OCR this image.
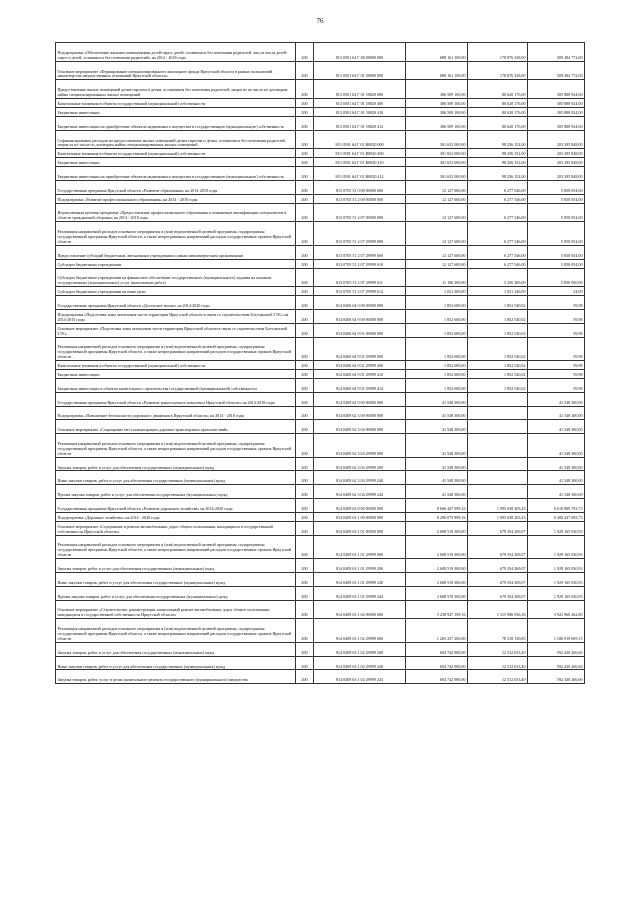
76
Подпрограмма «Обеспечение жилыми помещениями детей-сирот, детей, оставшихся без попечения родителей, лиц из числа детей-сирот и детей, оставшихся без попечения родителей» на 2014 - 2018 годы	200	813 0501 64 Г 00 00000 000	688 161 100,00	178 876 328,00	509 284 772,00
Основное мероприятие «Формирование специализированного жилищного фонда Иркутской области в рамках полномочий министерства имущественных отношений Иркутской области»	200	813 0501 64 Г 01 00000 000	688 161 100,00	178 876 328,00	509 284 772,00
Предоставление жилых помещений детям-сиротам и детям, оставшимся без попечения родителей, лицам из их числа по договорам найма специализированных жилых помещений	200	813 0501 64 Г 01 50820 000	386 509 100,00	80 620 176,00	305 888 924,00
Капитальные вложения в объекты государственной (муниципальной) собственности	200	813 0501 64 Г 01 50820 400	386 509 100,00	80 620 176,00	305 888 924,00
Бюджетные инвестиции	200	813 0501 64 Г 01 50820 410	386 509 100,00	80 620 176,00	305 888 924,00
Бюджетные инвестиции на приобретение объектов недвижимого имущества в государственную (муниципальную) собственность	200	813 0501 64 Г 01 50820 412	386 509 100,00	80 620 176,00	305 888 924,00
Софинансирование расходов на предоставление жилых помещений детям-сиротам и детям, оставшимся без попечения родителей, лицам из их числа по договорам найма специализированных жилых помещений	200	813 0501 64 Г 01 R0820 000	301 652 000,00	98 256 152,00	203 395 848,00
Капитальные вложения в объекты государственной (муниципальной) собственности	200	813 0501 64 Г 01 R0820 400	301 652 000,00	98 256 152,00	203 395 848,00
Бюджетные инвестиции	200	813 0501 64 Г 01 R0820 410	301 652 000,00	98 256 152,00	203 395 848,00
Бюджетные инвестиции на приобретение объектов недвижимого имущества в государственную (муниципальную) собственность	200	813 0501 64 Г 01 R0820 412	301 652 000,00	98 256 152,00	203 395 848,00
Государственная программа Иркутской области «Развитие образования» на 2014-2018 годы	200	813 0705 51 0 00 00000 000	12 127 600,00	6 277 546,00	5 850 054,00
Подпрограмма «Развитие профессионального образования» на 2014 - 2018 годы	200	813 0705 51 2 00 00000 000	12 127 600,00	6 277 546,00	5 850 054,00
Ведомственная целевая программа «Предоставление профессионального образования и повышение квалификации специалистов в области гражданской обороны» на 2014 - 2018 годы	200	813 0705 51 2 07 00000 000	12 127 600,00	6 277 546,00	5 850 054,00
Реализация направлений расходов основного мероприятия и (или) ведомственной целевой программы, подпрограммы государственной программы Иркутской области, а также непрограммных направлений расходов государственных органов Иркутской области	200	813 0705 51 2 07 29999 000	12 127 600,00	6 277 546,00	5 850 054,00
Предоставление субсидий бюджетным, автономным учреждениям и иным некоммерческим организациям	200	813 0705 51 2 07 29999 600	12 127 600,00	6 277 546,00	5 850 054,00
Субсидии бюджетным учреждениям	200	813 0705 51 2 07 29999 610	12 127 600,00	6 277 546,00	5 850 054,00
Субсидии бюджетным учреждениям на финансовое обеспечение государственного (муниципального) задания на оказание государственных (муниципальных) услуг (выполнение работ)	200	813 0705 51 2 07 29999 611	11 106 300,00	5 256 300,00	5 850 000,00
Субсидии бюджетным учреждениям на иные цели	200	813 0705 51 2 07 29999 612	1 021 300,00	1 021 246,00	54,00
Государственная программа Иркутской области «Доступное жилье» на 2014-2020 годы	200	814 0406 64 0 00 00000 000	1 852 600,00	1 852 540,02	59,98
Подпрограмма «Подготовка зоны затопления части территории Иркутской области в связи со строительством Богучанской ГЭС» на 2014-2015 годы	200	814 0406 64 9 00 00000 000	1 852 600,00	1 852 540,02	59,98
Основное мероприятие «Подготовка зоны затопления части территории Иркутской области в связи со строительством Богучанской ГЭС»	200	814 0406 64 9 01 00000 000	1 852 600,00	1 852 540,02	59,98
Реализация направлений расходов основного мероприятия и (или) ведомственной целевой программы, подпрограммы государственной программы Иркутской области, а также непрограммных направлений расходов государственных органов Иркутской области	200	814 0406 64 9 01 29999 000	1 852 600,00	1 852 540,02	59,98
Капитальные вложения в объекты государственной (муниципальной) собственности	200	814 0406 64 9 01 29999 400	1 852 600,00	1 852 540,02	59,98
Бюджетные инвестиции	200	814 0406 64 9 01 29999 410	1 852 600,00	1 852 540,02	59,98
Бюджетные инвестиции в объекты капитального строительства государственной (муниципальной) собственности	200	814 0406 64 9 01 29999 414	1 852 600,00	1 852 540,02	59,98
Государственная программа Иркутской области «Развитие транспортного комплекса Иркутской области» на 2014-2018 годы	200	814 0409 62 0 00 00000 000	41 548 300,00		41 548 300,00
Подпрограмма «Повышение безопасности дорожного движения в Иркутской области» на 2014 - 2018 годы	200	814 0409 62 3 00 00000 000	41 548 300,00		41 548 300,00
Основное мероприятие «Сокращение мест концентрации дорожно-транспортных происшествий»	200	814 0409 62 3 04 00000 000	41 548 300,00		41 548 300,00
Реализация направлений расходов основного мероприятия и (или) ведомственной целевой программы, подпрограммы государственной программы Иркутской области, а также непрограммных направлений расходов государственных органов Иркутской области	200	814 0409 62 3 04 29999 000	41 548 300,00		41 548 300,00
Закупка товаров, работ и услуг для обеспечения государственных (муниципальных) нужд	200	814 0409 62 3 04 29999 200	41 548 300,00		41 548 300,00
Иные закупки товаров, работ и услуг для обеспечения государственных (муниципальных) нужд	200	814 0409 62 3 04 29999 240	41 548 300,00		41 548 300,00
Прочая закупка товаров, работ и услуг для обеспечения государственных (муниципальных) нужд	200	814 0409 62 3 04 29999 244	41 548 300,00		41 548 300,00
Государственная программа Иркутской области «Развитие дорожного хозяйства» на 2014-2020 годы	200	814 0409 63 0 00 00000 000	8 606 447 999,16	1 995 638 205,43	6 610 809 793,73
Подпрограмма «Дорожное хозяйство» на 2014 - 2020 годы	200	814 0409 63 1 00 00000 000	8 296 075 899,16	1 995 638 205,43	6 300 437 693,73
Основное мероприятие «Содержание и ремонт автомобильных дорог общего пользования, находящихся в государственной собственности Иркутской области»	200	814 0409 63 1 01 00000 000	2 608 519 300,00	679 354 269,07	1 929 165 030,93
Реализация направлений расходов основного мероприятия и (или) ведомственной целевой программы, подпрограммы государственной программы Иркутской области, а также непрограммных направлений расходов государственных органов Иркутской области	200	814 0409 63 1 01 29999 000	2 608 519 300,00	679 354 269,07	1 929 165 030,93
Закупка товаров, работ и услуг для обеспечения государственных (муниципальных) нужд	200	814 0409 63 1 01 29999 200	2 608 519 300,00	679 354 269,07	1 929 165 030,93
Иные закупки товаров, работ и услуг для обеспечения государственных (муниципальных) нужд	200	814 0409 63 1 01 29999 240	2 608 519 300,00	679 354 269,07	1 929 165 030,93
Прочая закупка товаров, работ и услуг для обеспечения государственных (муниципальных) нужд	200	814 0409 63 1 01 29999 244	2 608 519 300,00	679 354 269,07	1 929 165 030,93
Основное мероприятие «Строительство, реконструкция, капитальный ремонт автомобильных дорог общего пользования, находящихся в государственной собственности Иркутской области»	200	814 0409 63 1 02 00000 000	5 238 947 199,16	1 315 986 936,36	3 922 960 262,80
Реализация направлений расходов основного мероприятия и (или) ведомственной целевой программы, подпрограммы государственной программы Иркутской области, а также непрограммных направлений расходов государственных органов Иркутской области	200	814 0409 63 1 02 29999 000	1 265 237 200,00	78 318 130,85	1 186 919 069,15
Закупка товаров, работ и услуг для обеспечения государственных (муниципальных) нужд	200	814 0409 63 1 02 29999 200	604 742 900,00	12 312 633,40	592 430 266,60
Иные закупки товаров, работ и услуг для обеспечения государственных (муниципальных) нужд	200	814 0409 63 1 02 29999 240	604 742 900,00	12 312 633,40	592 430 266,60
Закупка товаров, работ, услуг в целях капитального ремонта государственного (муниципального) имущества	200	814 0409 63 1 02 29999 243	604 742 900,00	12 312 633,40	592 430 266,60
